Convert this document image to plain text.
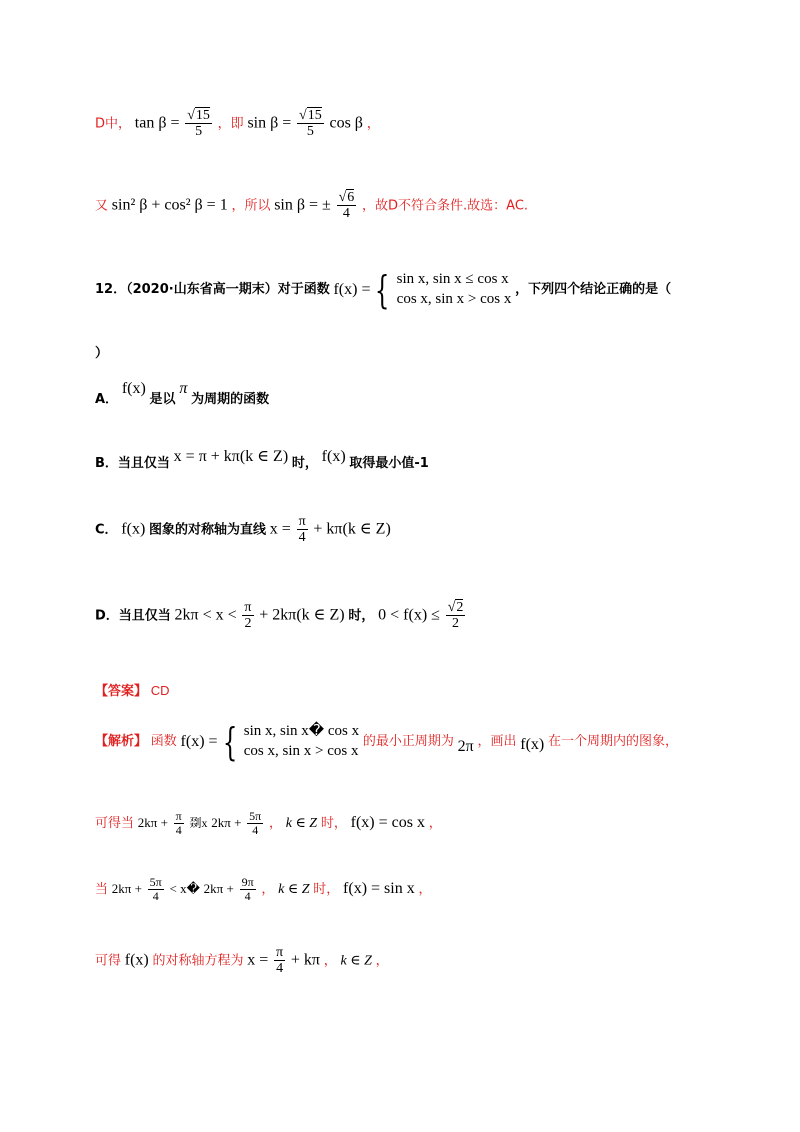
D中， $\tan \beta = \frac{√15}{5}$ ，即 $\sin \beta = \frac{√15}{5}$ cos β ，
又 sin² β + cos² β = 1 ，所以 sin β = ± $\frac{√6}{4}$ ，故D不符合条件.故选：AC.
12．（2020·山东省高一期末）对于函数 f(x) = { sin x, sin x ≤ cos x
cos x, sin x > cos x
，下列四个结论正确的是（
）
A． f(x) 是以 π 为周期的函数
B．当且仅当 x = π + kπ(k ∈ Z) 时， f(x) 取得最小值-1
C． f(x) 图象的对称轴为直线 $x = \frac{\pi}{4} + k\pi(k$ ∈ Z)
D．当且仅当 $2k\pi < x < \frac{\pi}{2} + 2k\pi(k$ ∈ Z) 时， $0 < f(x) \le \frac{√2}{2}$
【答案】 CD
【解析】 函数 f(x) = { sin x, sin x� cos x
cos x, sin x > cos x
的最小正周期为 2π ，画出 f(x) 在一个周期内的图象，
可得当 $2k\pi + \frac{\pi}{4}$ 剟x $2k\pi + \frac{5\pi}{4}$ ， k ∈ Z 时， f(x) = cos x ，
当 $2k\pi + \frac{5\pi}{4}$ < x� $2k\pi + \frac{9\pi}{4}$ ， k ∈ Z 时， f(x) = sin x ，
可得 f(x) 的对称轴方程为 $x = \frac{\pi}{4} + k\pi$ ， k ∈ Z ，
